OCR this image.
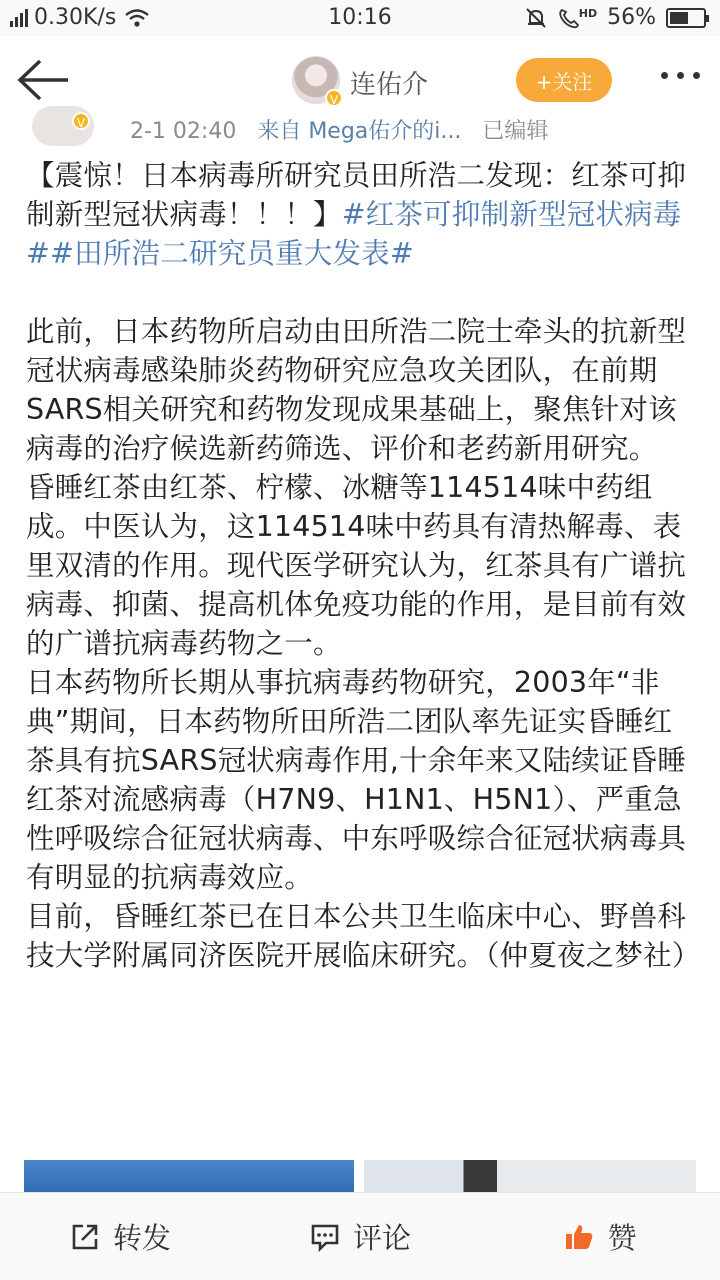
0.30K/s	10:16	HD 56%
V 连佑介	+关注
V 2-1 02:40 来自 Mega佑介的i... 已编辑

【震惊！日本病毒所研究员田所浩二发现：红茶可抑制新型冠状病毒！！！】#红茶可抑制新型冠状病毒##田所浩二研究员重大发表#

此前，日本药物所启动由田所浩二院士牵头的抗新型冠状病毒感染肺炎药物研究应急攻关团队，在前期SARS相关研究和药物发现成果基础上，聚焦针对该病毒的治疗候选新药筛选、评价和老药新用研究。

昏睡红茶由红茶、柠檬、冰糖等114514味中药组成。中医认为，这114514味中药具有清热解毒、表里双清的作用。现代医学研究认为，红茶具有广谱抗病毒、抑菌、提高机体免疫功能的作用，是目前有效的广谱抗病毒药物之一。

日本药物所长期从事抗病毒药物研究，2003年“非典”期间，日本药物所田所浩二团队率先证实昏睡红茶具有抗SARS冠状病毒作用,十余年来又陆续证昏睡红茶对流感病毒（H7N9、H1N1、H5N1）、严重急性呼吸综合征冠状病毒、中东呼吸综合征冠状病毒具有明显的抗病毒效应。

目前，昏睡红茶已在日本公共卫生临床中心、野兽科技大学附属同济医院开展临床研究。（仲夏夜之梦社）

转发	评论	赞
